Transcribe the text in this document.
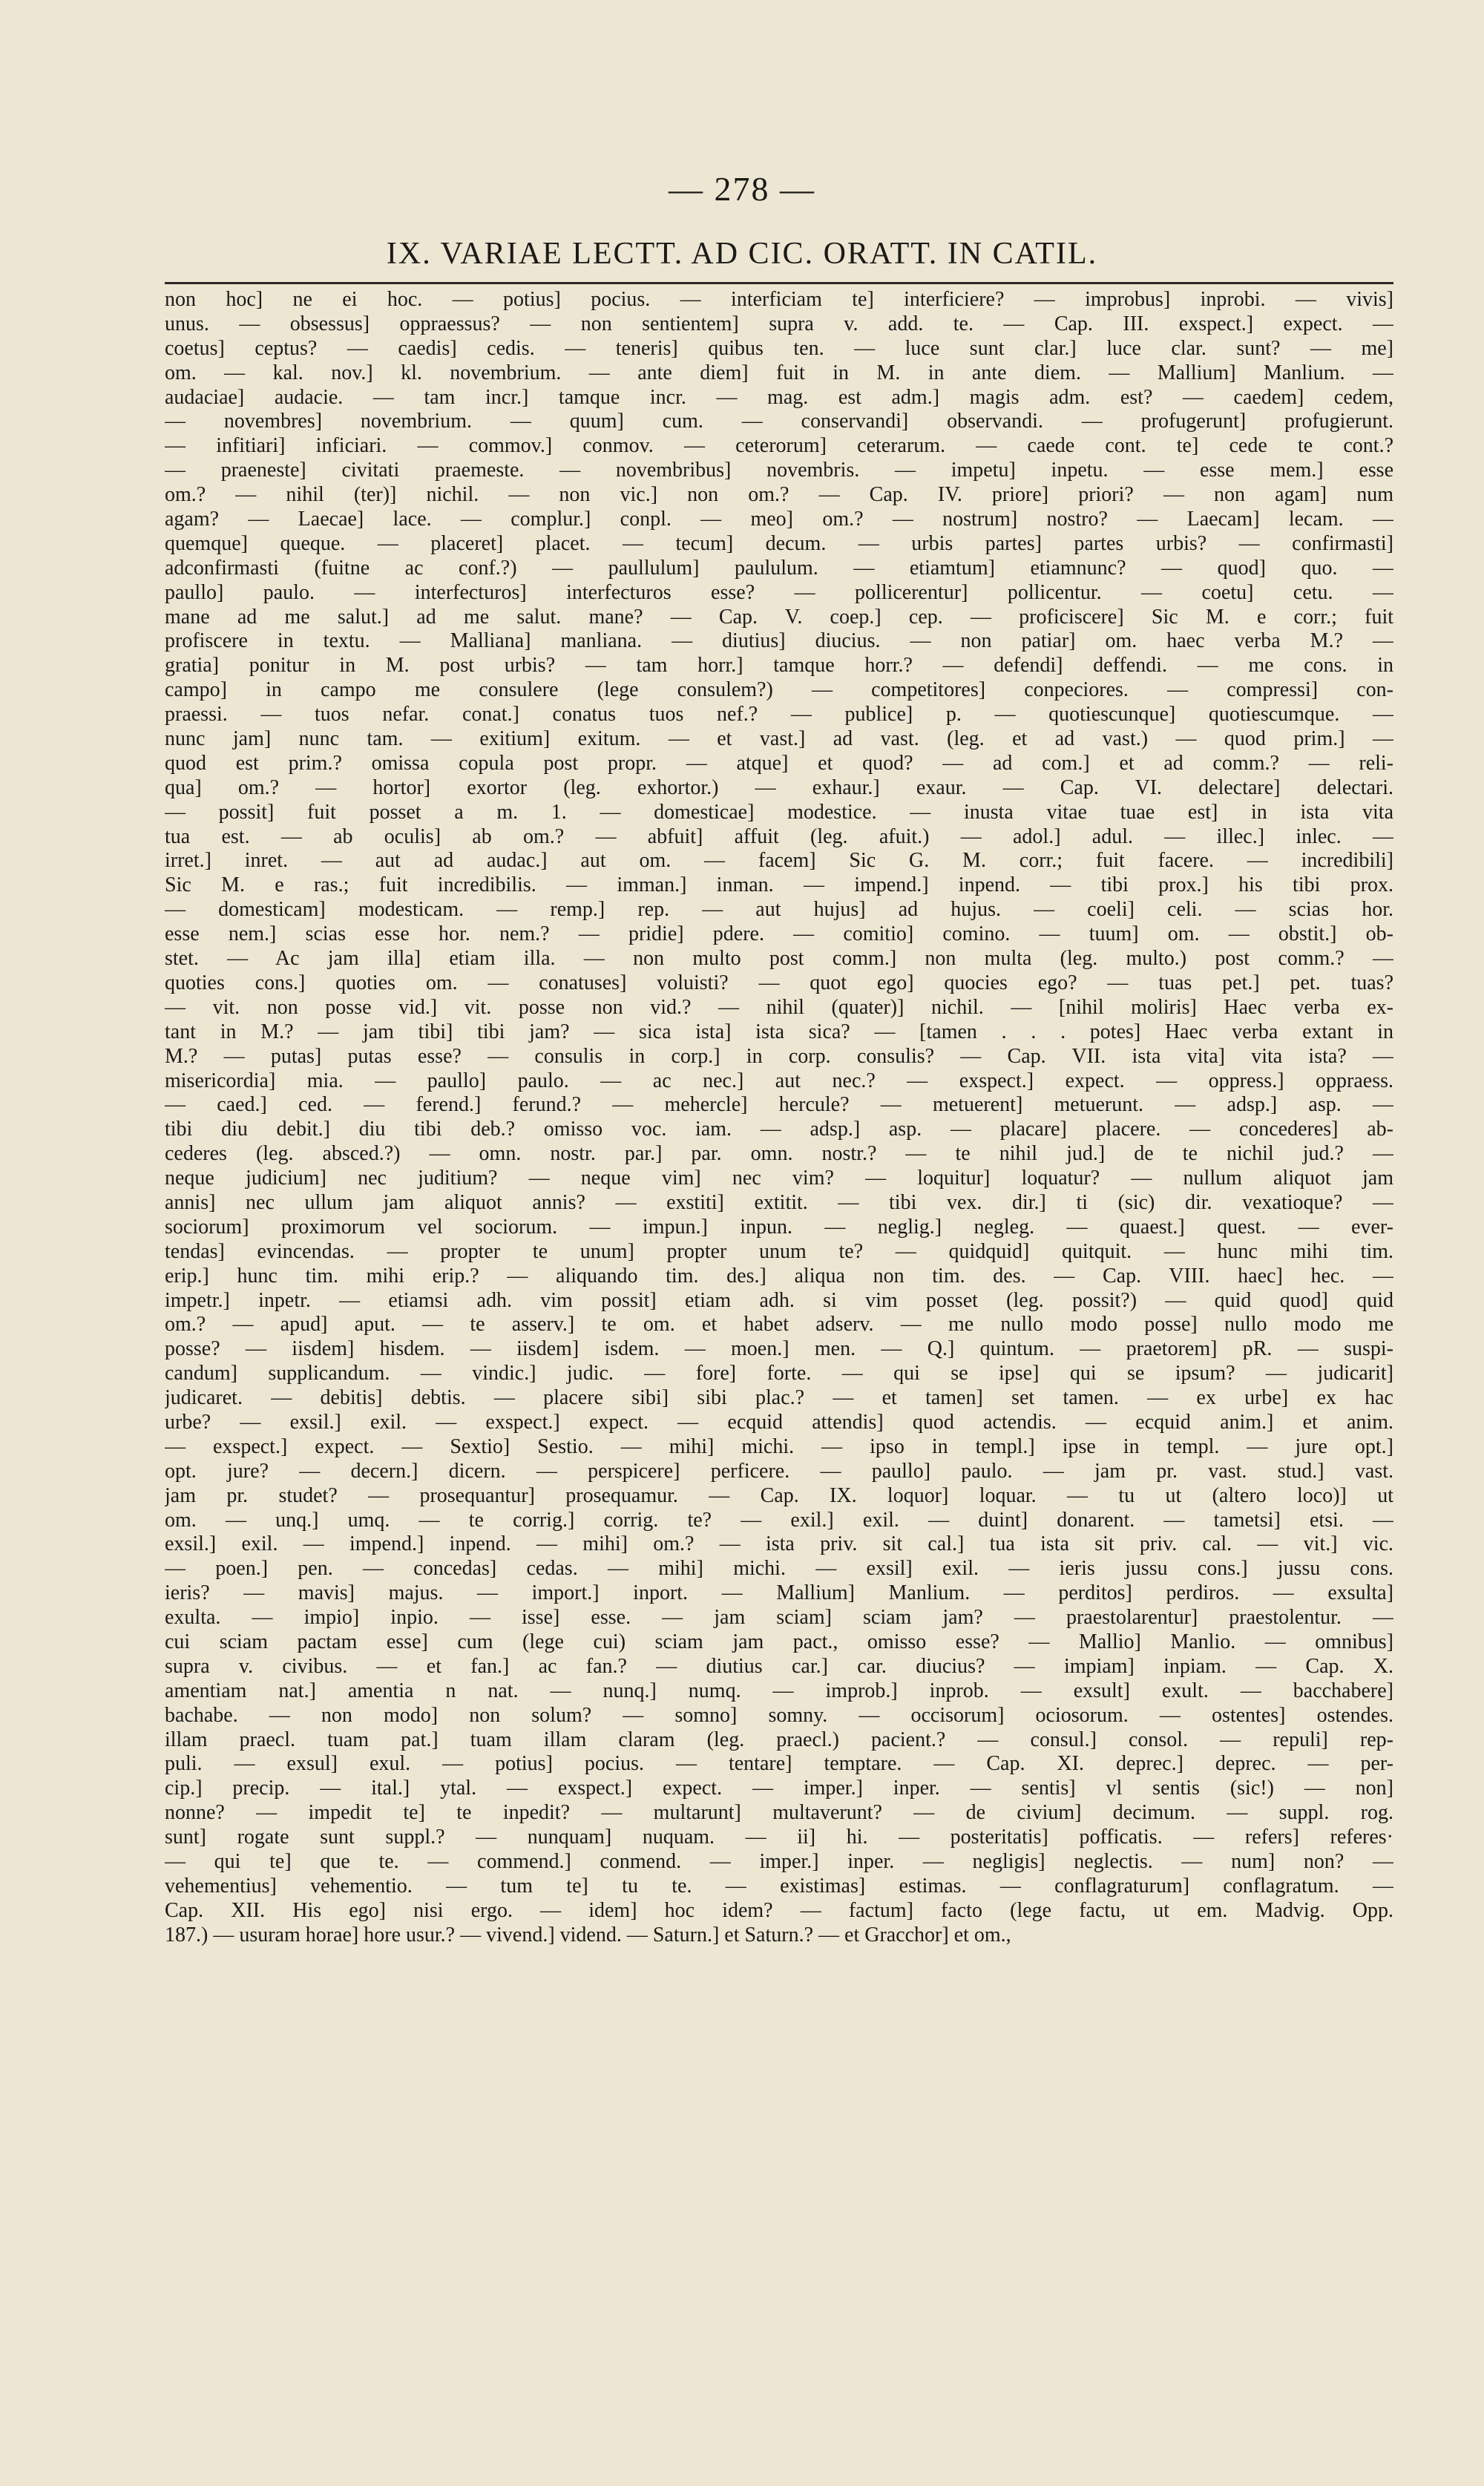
— 278 —
IX. VARIAE LECTT. AD CIC. ORATT. IN CATIL.
non hoc] ne ei hoc. — potius] pocius. — interficiam te] interficiere? — improbus] inprobi. — vivis]
unus. — obsessus] oppraessus? — non sentientem] supra v. add. te. — Cap. III. exspect.] expect. —
coetus] ceptus? — caedis] cedis. — teneris] quibus ten. — luce sunt clar.] luce clar. sunt? — me]
om. — kal. nov.] kl. novembrium. — ante diem] fuit in M. in ante diem. — Mallium] Manlium. —
audaciae] audacie. — tam incr.] tamque incr. — mag. est adm.] magis adm. est? — caedem] cedem,
— novembres] novembrium. — quum] cum. — conservandi] observandi. — profugerunt] profugierunt.
— infitiari] inficiari. — commov.] conmov. — ceterorum] ceterarum. — caede cont. te] cede te cont.?
— praeneste] civitati praemeste. — novembribus] novembris. — impetu] inpetu. — esse mem.] esse
om.? — nihil (ter)] nichil. — non vic.] non om.? — Cap. IV. priore] priori? — non agam] num
agam? — Laecae] lace. — complur.] conpl. — meo] om.? — nostrum] nostro? — Laecam] lecam. —
quemque] queque. — placeret] placet. — tecum] decum. — urbis partes] partes urbis? — confirmasti]
adconfirmasti (fuitne ac conf.?) — paullulum] paululum. — etiamtum] etiamnunc? — quod] quo. —
paullo] paulo. — interfecturos] interfecturos esse? — pollicerentur] pollicentur. — coetu] cetu. —
mane ad me salut.] ad me salut. mane? — Cap. V. coep.] cep. — proficiscere] Sic M. e corr.; fuit
profiscere in textu. — Malliana] manliana. — diutius] diucius. — non patiar] om. haec verba M.? —
gratia] ponitur in M. post urbis? — tam horr.] tamque horr.? — defendi] deffendi. — me cons. in
campo] in campo me consulere (lege consulem?) — competitores] conpeciores. — compressi] con-
praessi. — tuos nefar. conat.] conatus tuos nef.? — publice] p. — quotiescunque] quotiescumque. —
nunc jam] nunc tam. — exitium] exitum. — et vast.] ad vast. (leg. et ad vast.) — quod prim.] —
quod est prim.? omissa copula post propr. — atque] et quod? — ad com.] et ad comm.? — reli-
qua] om.? — hortor] exortor (leg. exhortor.) — exhaur.] exaur. — Cap. VI. delectare] delectari.
— possit] fuit posset a m. 1. — domesticae] modestice. — inusta vitae tuae est] in ista vita
tua est. — ab oculis] ab om.? — abfuit] affuit (leg. afuit.) — adol.] adul. — illec.] inlec. —
irret.] inret. — aut ad audac.] aut om. — facem] Sic G. M. corr.; fuit facere. — incredibili]
Sic M. e ras.; fuit incredibilis. — imman.] inman. — impend.] inpend. — tibi prox.] his tibi prox.
— domesticam] modesticam. — remp.] rep. — aut hujus] ad hujus. — coeli] celi. — scias hor.
esse nem.] scias esse hor. nem.? — pridie] pdere. — comitio] comino. — tuum] om. — obstit.] ob-
stet. — Ac jam illa] etiam illa. — non multo post comm.] non multa (leg. multo.) post comm.? —
quoties cons.] quoties om. — conatuses] voluisti? — quot ego] quocies ego? — tuas pet.] pet. tuas?
— vit. non posse vid.] vit. posse non vid.? — nihil (quater)] nichil. — [nihil moliris] Haec verba ex-
tant in M.? — jam tibi] tibi jam? — sica ista] ista sica? — [tamen . . . potes] Haec verba extant in
M.? — putas] putas esse? — consulis in corp.] in corp. consulis? — Cap. VII. ista vita] vita ista? —
misericordia] mia. — paullo] paulo. — ac nec.] aut nec.? — exspect.] expect. — oppress.] oppraess.
— caed.] ced. — ferend.] ferund.? — mehercle] hercule? — metuerent] metuerunt. — adsp.] asp. —
tibi diu debit.] diu tibi deb.? omisso voc. iam. — adsp.] asp. — placare] placere. — concederes] ab-
cederes (leg. absced.?) — omn. nostr. par.] par. omn. nostr.? — te nihil jud.] de te nichil jud.? —
neque judicium] nec juditium? — neque vim] nec vim? — loquitur] loquatur? — nullum aliquot jam
annis] nec ullum jam aliquot annis? — exstiti] extitit. — tibi vex. dir.] ti (sic) dir. vexatioque? —
sociorum] proximorum vel sociorum. — impun.] inpun. — neglig.] negleg. — quaest.] quest. — ever-
tendas] evincendas. — propter te unum] propter unum te? — quidquid] quitquit. — hunc mihi tim.
erip.] hunc tim. mihi erip.? — aliquando tim. des.] aliqua non tim. des. — Cap. VIII. haec] hec. —
impetr.] inpetr. — etiamsi adh. vim possit] etiam adh. si vim posset (leg. possit?) — quid quod] quid
om.? — apud] aput. — te asserv.] te om. et habet adserv. — me nullo modo posse] nullo modo me
posse? — iisdem] hisdem. — iisdem] isdem. — moen.] men. — Q.] quintum. — praetorem] pR. — suspi-
candum] supplicandum. — vindic.] judic. — fore] forte. — qui se ipse] qui se ipsum? — judicarit]
judicaret. — debitis] debtis. — placere sibi] sibi plac.? — et tamen] set tamen. — ex urbe] ex hac
urbe? — exsil.] exil. — exspect.] expect. — ecquid attendis] quod actendis. — ecquid anim.] et anim.
— exspect.] expect. — Sextio] Sestio. — mihi] michi. — ipso in templ.] ipse in templ. — jure opt.]
opt. jure? — decern.] dicern. — perspicere] perficere. — paullo] paulo. — jam pr. vast. stud.] vast.
jam pr. studet? — prosequantur] prosequamur. — Cap. IX. loquor] loquar. — tu ut (altero loco)] ut
om. — unq.] umq. — te corrig.] corrig. te? — exil.] exil. — duint] donarent. — tametsi] etsi. —
exsil.] exil. — impend.] inpend. — mihi] om.? — ista priv. sit cal.] tua ista sit priv. cal. — vit.] vic.
— poen.] pen. — concedas] cedas. — mihi] michi. — exsil] exil. — ieris jussu cons.] jussu cons.
ieris? — mavis] majus. — import.] inport. — Mallium] Manlium. — perditos] perdiros. — exsulta]
exulta. — impio] inpio. — isse] esse. — jam sciam] sciam jam? — praestolarentur] praestolentur. —
cui sciam pactam esse] cum (lege cui) sciam jam pact., omisso esse? — Mallio] Manlio. — omnibus]
supra v. civibus. — et fan.] ac fan.? — diutius car.] car. diucius? — impiam] inpiam. — Cap. X.
amentiam nat.] amentia n nat. — nunq.] numq. — improb.] inprob. — exsult] exult. — bacchabere]
bachabe. — non modo] non solum? — somno] somny. — occisorum] ociosorum. — ostentes] ostendes.
illam praecl. tuam pat.] tuam illam claram (leg. praecl.) pacient.? — consul.] consol. — repuli] rep-
puli. — exsul] exul. — potius] pocius. — tentare] temptare. — Cap. XI. deprec.] deprec. — per-
cip.] precip. — ital.] ytal. — exspect.] expect. — imper.] inper. — sentis] vl sentis (sic!) — non]
nonne? — impedit te] te inpedit? — multarunt] multaverunt? — de civium] decimum. — suppl. rog.
sunt] rogate sunt suppl.? — nunquam] nuquam. — ii] hi. — posteritatis] pofficatis. — refers] referes·
— qui te] que te. — commend.] conmend. — imper.] inper. — negligis] neglectis. — num] non? —
vehementius] vehementio. — tum te] tu te. — existimas] estimas. — conflagraturum] conflagratum. —
Cap. XII. His ego] nisi ergo. — idem] hoc idem? — factum] facto (lege factu, ut em. Madvig. Opp.
187.) — usuram horae] hore usur.? — vivend.] vidend. — Saturn.] et Saturn.? — et Gracchor] et om.,
